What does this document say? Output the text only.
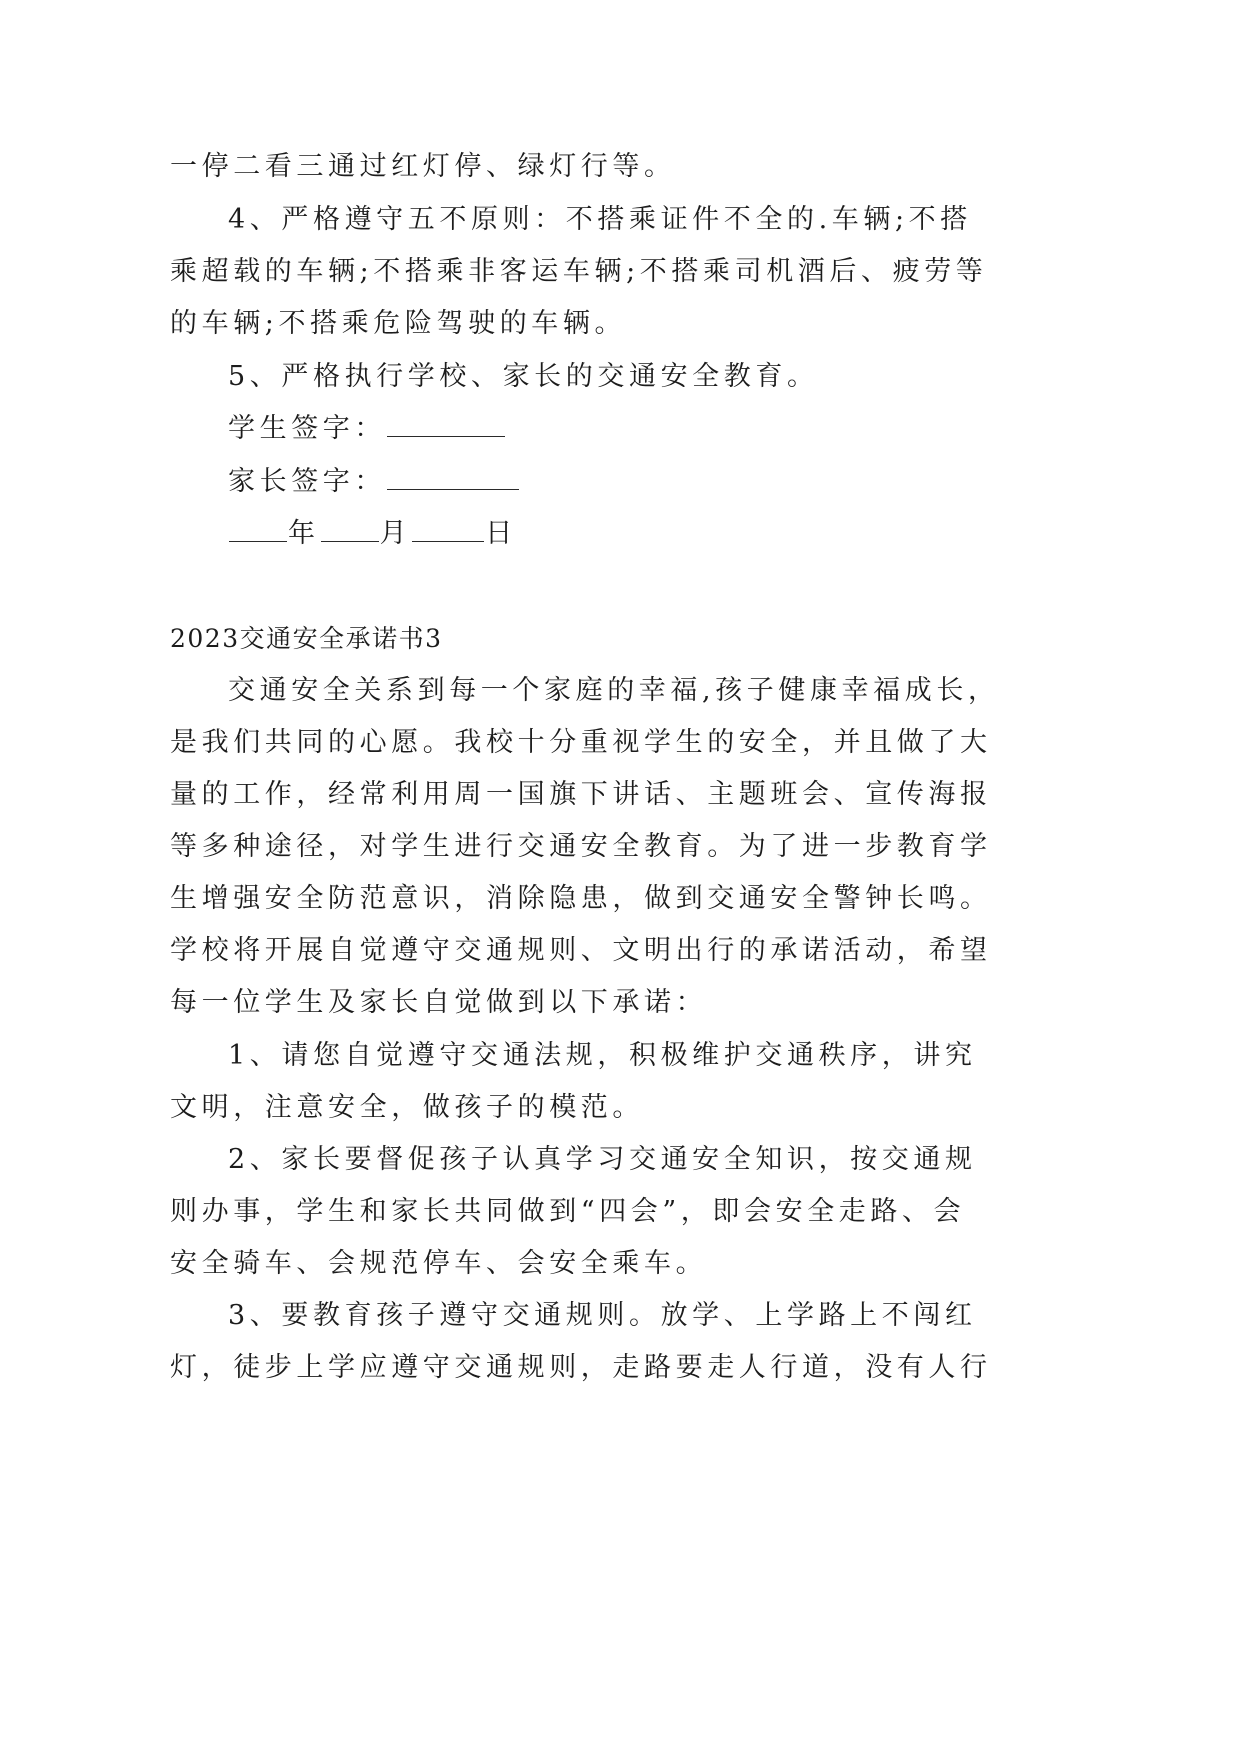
一停二看三通过红灯停、绿灯行等。
4、严格遵守五不原则：不搭乘证件不全的.车辆;不搭
乘超载的车辆;不搭乘非客运车辆;不搭乘司机酒后、疲劳等
的车辆;不搭乘危险驾驶的车辆。
5、严格执行学校、家长的交通安全教育。
学生签字：
家长签字：
年 月	日
2023交通安全承诺书3
交通安全关系到每一个家庭的幸福,孩子健康幸福成长，
是我们共同的心愿。我校十分重视学生的安全，并且做了大
量的工作，经常利用周一国旗下讲话、主题班会、宣传海报
等多种途径，对学生进行交通安全教育。为了进一步教育学
生增强安全防范意识，消除隐患，做到交通安全警钟长鸣。
学校将开展自觉遵守交通规则、文明出行的承诺活动，希望
每一位学生及家长自觉做到以下承诺：
1、请您自觉遵守交通法规，积极维护交通秩序，讲究
文明，注意安全，做孩子的模范。
2、家长要督促孩子认真学习交通安全知识，按交通规
则办事，学生和家长共同做到“四会”，即会安全走路、会
安全骑车、会规范停车、会安全乘车。
3、要教育孩子遵守交通规则。放学、上学路上不闯红
灯，徒步上学应遵守交通规则，走路要走人行道，没有人行
